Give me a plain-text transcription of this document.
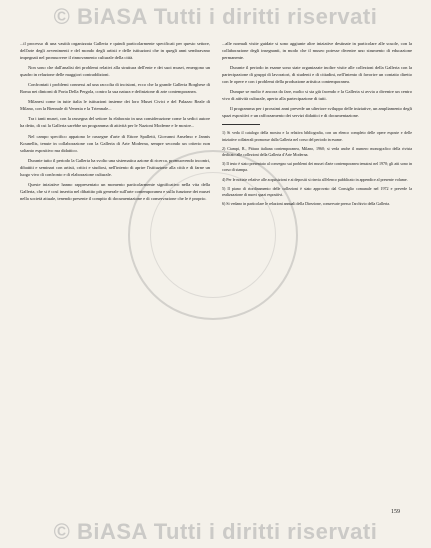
© BiASA Tutti i diritti riservati

...il processo di una vastità organizzata Galleria e quindi particolarmente specificati per questo settore, dell'arte degli avvenimenti e del mondo degli artisti e delle istituzioni che in quegli anni sembravano impegnati nel promuovere il rinnovamento culturale della città.

Non sono che dall'analisi dei problemi relativi alla struttura dell'ente e dei suoi musei, emergono un quadro in relazione delle maggiori contraddizioni.

Confrontati i problemi connessi ad una raccolta di incisioni, ecco che la grande Galleria Borghese di Roma nei dintorni di Porta Della Pergola, contro la sua natura e definizione di arte contemporanea.

Milanesi come in tutte italia le istituzioni insieme dei loro Musei Civici e del Palazzo Reale di Milano, con la Biennale di Venezia e la Triennale...

Tra i tanti musei, con la rassegna del settore fu elaborato in una considerazione come la sedici autore ha detto, di cui la Galleria sarebbe un programma di attività per le Nazioni Moderne e le mostre...

Nel campo specifico appaiono le rassegne d'arte di Ettore Spalletti, Giovanni Anselmo e Jannis Kounellis, tenute in collaborazione con la Galleria di Arte Moderna, sempre secondo un criterio non soltanto espositivo ma didattico.

Durante tutto il periodo la Galleria ha svolto una sistematica azione di ricerca, promuovendo incontri, dibattiti e seminari con artisti, critici e studiosi, nell'intento di aprire l'istituzione alla città e di farne un luogo vivo di confronto e di elaborazione culturale.

Queste iniziative hanno rappresentato un momento particolarmente significativo nella vita della Galleria, che si è così inserita nel dibattito più generale sull'arte contemporanea e sulla funzione dei musei nella società attuale, tenendo presente il compito di documentazione e di conservazione che le è proprio.

...alle normali visite guidate si sono aggiunte altre iniziative destinate in particolare alle scuole, con la collaborazione degli insegnanti, in modo che il museo potesse divenire uno strumento di educazione permanente.

Durante il periodo in esame sono state organizzate inoltre visite alle collezioni della Galleria con la partecipazione di gruppi di lavoratori, di studenti e di cittadini, nell'intento di favorire un contatto diretto con le opere e con i problemi della produzione artistica contemporanea.

Dunque se molto è ancora da fare, molto si sta già facendo e la Galleria si avvia a divenire un centro vivo di attività culturale, aperto alla partecipazione di tutti.

Il programma per i prossimi anni prevede un ulteriore sviluppo delle iniziative, un ampliamento degli spazi espositivi e un rafforzamento dei servizi didattici e di documentazione.

1) Si veda il catalogo della mostra e la relativa bibliografia, con un elenco completo delle opere esposte e delle iniziative collaterali promosse dalla Galleria nel corso del periodo in esame.

2) Ciampi, R., Pittura italiana contemporanea, Milano, 1960; si veda anche il numero monografico della rivista dedicato alle collezioni della Galleria d'Arte Moderna.

3) Il testo è stato presentato al convegno sui problemi dei musei d'arte contemporanea tenutosi nel 1970; gli atti sono in corso di stampa.

4) Per le notizie relative alle acquisizioni e ai depositi si rinvia all'elenco pubblicato in appendice al presente volume.

5) Il piano di riordinamento delle collezioni è stato approvato dal Consiglio comunale nel 1972 e prevede la realizzazione di nuovi spazi espositivi.

6) Si vedano in particolare le relazioni annuali della Direzione, conservate presso l'archivio della Galleria.

159
© BiASA Tutti i diritti riservati
